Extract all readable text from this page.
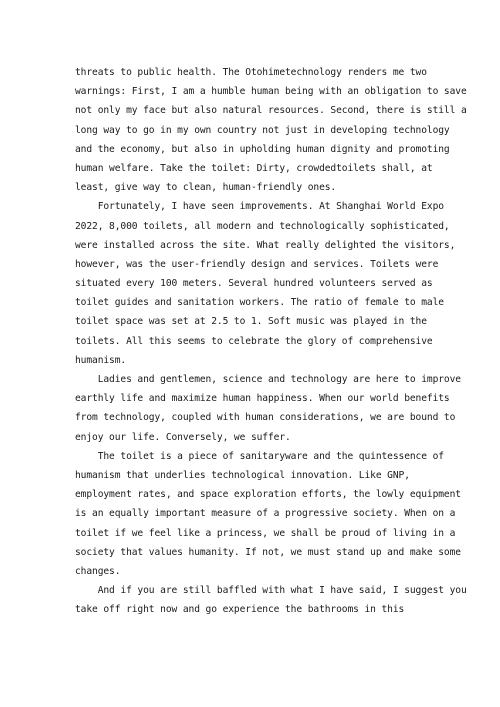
threats to public health. The Otohimetechnology renders me two
warnings: First, I am a humble human being with an obligation to save
not only my face but also natural resources. Second, there is still a
long way to go in my own country not just in developing technology
and the economy, but also in upholding human dignity and promoting
human welfare. Take the toilet: Dirty, crowdedtoilets shall, at
least, give way to clean, human-friendly ones.
Fortunately, I have seen improvements. At Shanghai World Expo
2022, 8,000 toilets, all modern and technologically sophisticated,
were installed across the site. What really delighted the visitors,
however, was the user-friendly design and services. Toilets were
situated every 100 meters. Several hundred volunteers served as
toilet guides and sanitation workers. The ratio of female to male
toilet space was set at 2.5 to 1. Soft music was played in the
toilets. All this seems to celebrate the glory of comprehensive
humanism.
Ladies and gentlemen, science and technology are here to improve
earthly life and maximize human happiness. When our world benefits
from technology, coupled with human considerations, we are bound to
enjoy our life. Conversely, we suffer.
The toilet is a piece of sanitaryware and the quintessence of
humanism that underlies technological innovation. Like GNP,
employment rates, and space exploration efforts, the lowly equipment
is an equally important measure of a progressive society. When on a
toilet if we feel like a princess, we shall be proud of living in a
society that values humanity. If not, we must stand up and make some
changes.
And if you are still baffled with what I have said, I suggest you
take off right now and go experience the bathrooms in this
